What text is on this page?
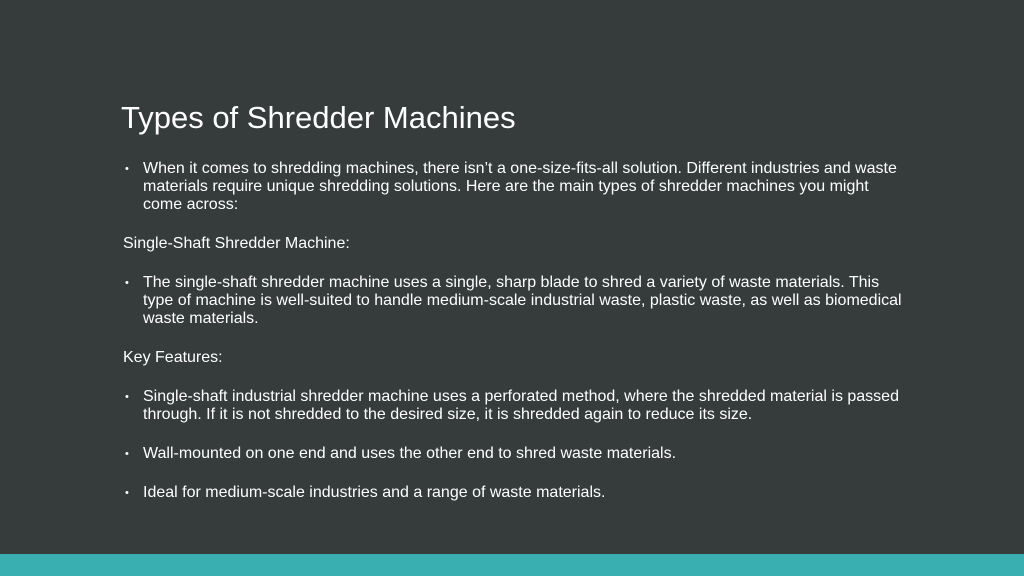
Types of Shredder Machines
• When it comes to shredding machines, there isn’t a one-size-fits-all solution. Different industries and waste materials require unique shredding solutions. Here are the main types of shredder machines you might come across:
Single-Shaft Shredder Machine:
• The single-shaft shredder machine uses a single, sharp blade to shred a variety of waste materials. This type of machine is well-suited to handle medium-scale industrial waste, plastic waste, as well as biomedical waste materials.
Key Features:
• Single-shaft industrial shredder machine uses a perforated method, where the shredded material is passed through. If it is not shredded to the desired size, it is shredded again to reduce its size.
• Wall-mounted on one end and uses the other end to shred waste materials.
• Ideal for medium-scale industries and a range of waste materials.
